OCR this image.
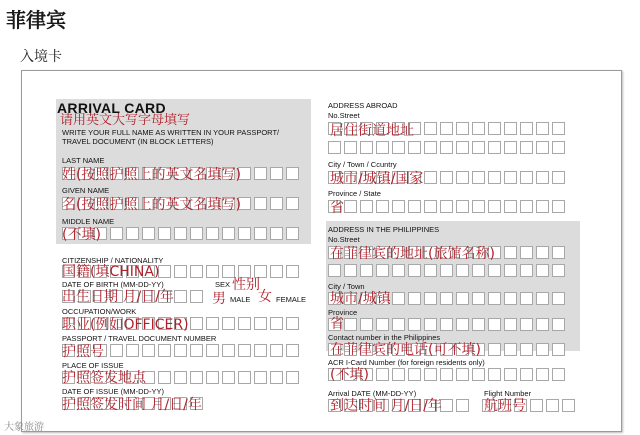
菲律宾
入境卡
ARRIVAL CARD
请用英文大写字母填写
WRITE YOUR FULL NAME AS WRITTEN IN YOUR PASSPORT/
TRAVEL DOCUMENT (IN BLOCK LETTERS)
LAST NAME
姓(按照护照上的英文名填写)
GIVEN NAME
名(按照护照上的英文名填写)
MIDDLE NAME
(不填)
CITIZENSHIP / NATIONALITY
国籍(填CHINA)
DATE OF BIRTH (MM-DD-YY)
出生日期 月/日/年
SEX 性别
男 MALE 女 FEMALE
OCCUPATION/WORK
职业(例如OFFICER)
PASSPORT / TRAVEL DOCUMENT NUMBER
护照号
PLACE OF ISSUE
护照签发地点
DATE OF ISSUE (MM-DD-YY)
护照签发时间 月/日/年
ADDRESS ABROAD
No.Street
居住街道地址
City / Town / Ccuntry
城市/城镇/国家
Province / State
省
ADDRESS IN THE PHILIPPINES
No.Street
在菲律宾的地址(旅馆名称)
City / Town
城市/城镇
Province
省
Contact number in the Philippines
在菲律宾的电话(可不填)
ACR I-Card Number (for foreign residents only)
(不填)
Arrival DATE (MM-DD-YY)
到达时间 月/日/年
Flight Number
航班号
大象旅游
